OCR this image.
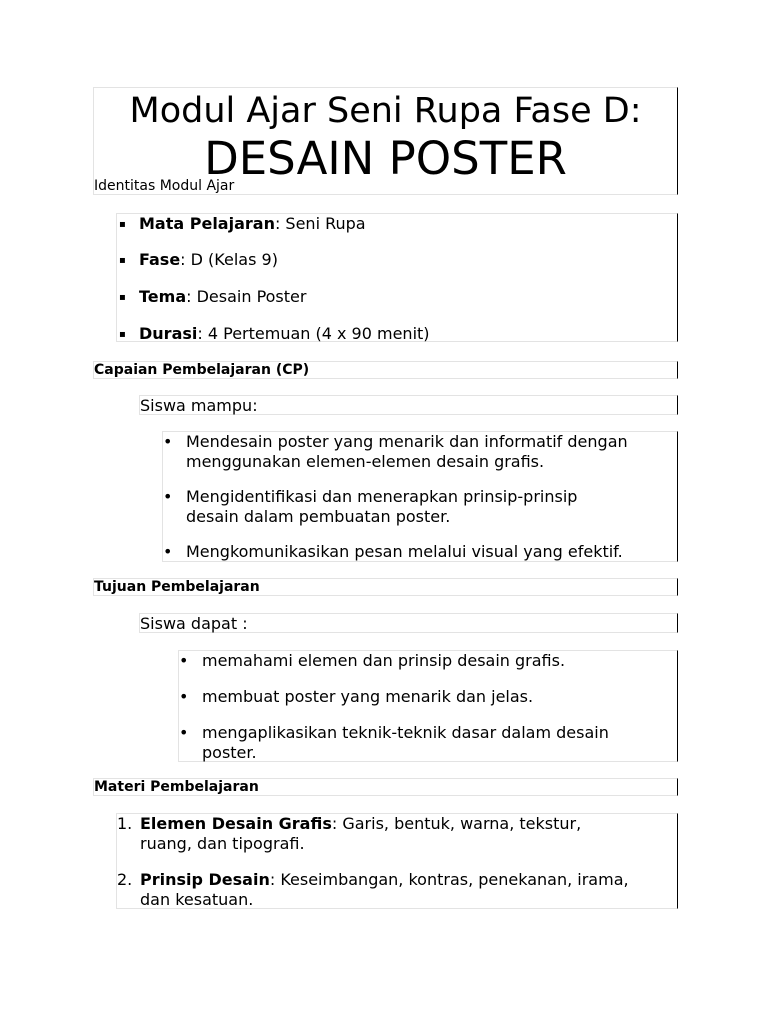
Modul Ajar Seni Rupa Fase D:
DESAIN POSTER
Identitas Modul Ajar
▪ Mata Pelajaran: Seni Rupa
▪ Fase: D (Kelas 9)
▪ Tema: Desain Poster
▪ Durasi: 4 Pertemuan (4 x 90 menit)
Capaian Pembelajaran (CP)
Siswa mampu:
• Mendesain poster yang menarik dan informatif dengan
menggunakan elemen-elemen desain grafis.
• Mengidentifikasi dan menerapkan prinsip-prinsip
desain dalam pembuatan poster.
• Mengkomunikasikan pesan melalui visual yang efektif.
Tujuan Pembelajaran
Siswa dapat :
• memahami elemen dan prinsip desain grafis.
• membuat poster yang menarik dan jelas.
• mengaplikasikan teknik-teknik dasar dalam desain
poster.
Materi Pembelajaran
1. Elemen Desain Grafis: Garis, bentuk, warna, tekstur,
ruang, dan tipografi.
2. Prinsip Desain: Keseimbangan, kontras, penekanan, irama,
dan kesatuan.
